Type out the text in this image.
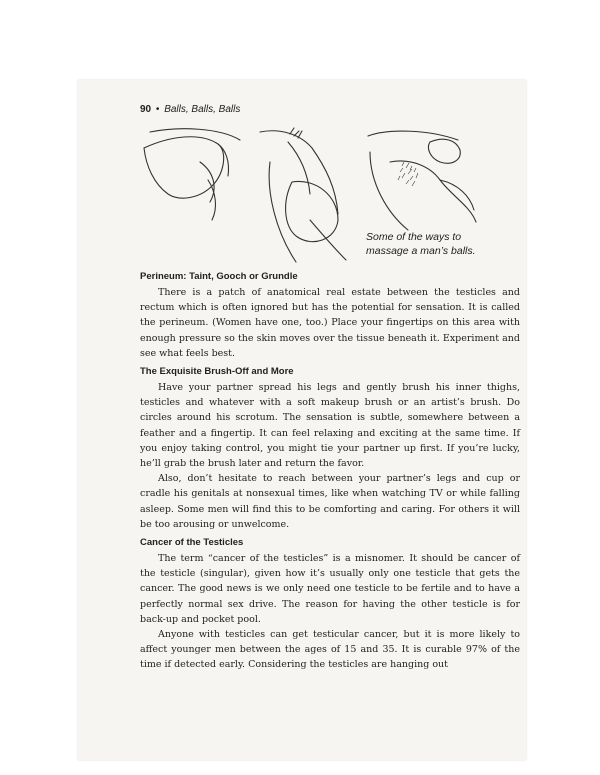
90 • Balls, Balls, Balls
Some of the ways to massage a man’s balls.
Perineum: Taint, Gooch or Grundle

There is a patch of anatomical real estate between the testicles and rectum which is often ignored but has the potential for sensation. It is called the perineum. (Women have one, too.) Place your fingertips on this area with enough pressure so the skin moves over the tissue beneath it. Experiment and see what feels best.

The Exquisite Brush-Off and More

Have your partner spread his legs and gently brush his inner thighs, testicles and whatever with a soft makeup brush or an artist’s brush. Do circles around his scrotum. The sensation is subtle, somewhere between a feather and a fingertip. It can feel relaxing and exciting at the same time. If you enjoy taking control, you might tie your partner up first. If you’re lucky, he’ll grab the brush later and return the favor.

Also, don’t hesitate to reach between your partner’s legs and cup or cradle his genitals at nonsexual times, like when watching TV or while falling asleep. Some men will find this to be comforting and caring. For others it will be too arousing or unwelcome.

Cancer of the Testicles

The term “cancer of the testicles” is a misnomer. It should be cancer of the testicle (singular), given how it’s usually only one testicle that gets the cancer. The good news is we only need one testicle to be fertile and to have a perfectly normal sex drive. The reason for having the other testicle is for back-up and pocket pool.

Anyone with testicles can get testicular cancer, but it is more likely to affect younger men between the ages of 15 and 35. It is curable 97% of the time if detected early. Considering the testicles are hanging out
